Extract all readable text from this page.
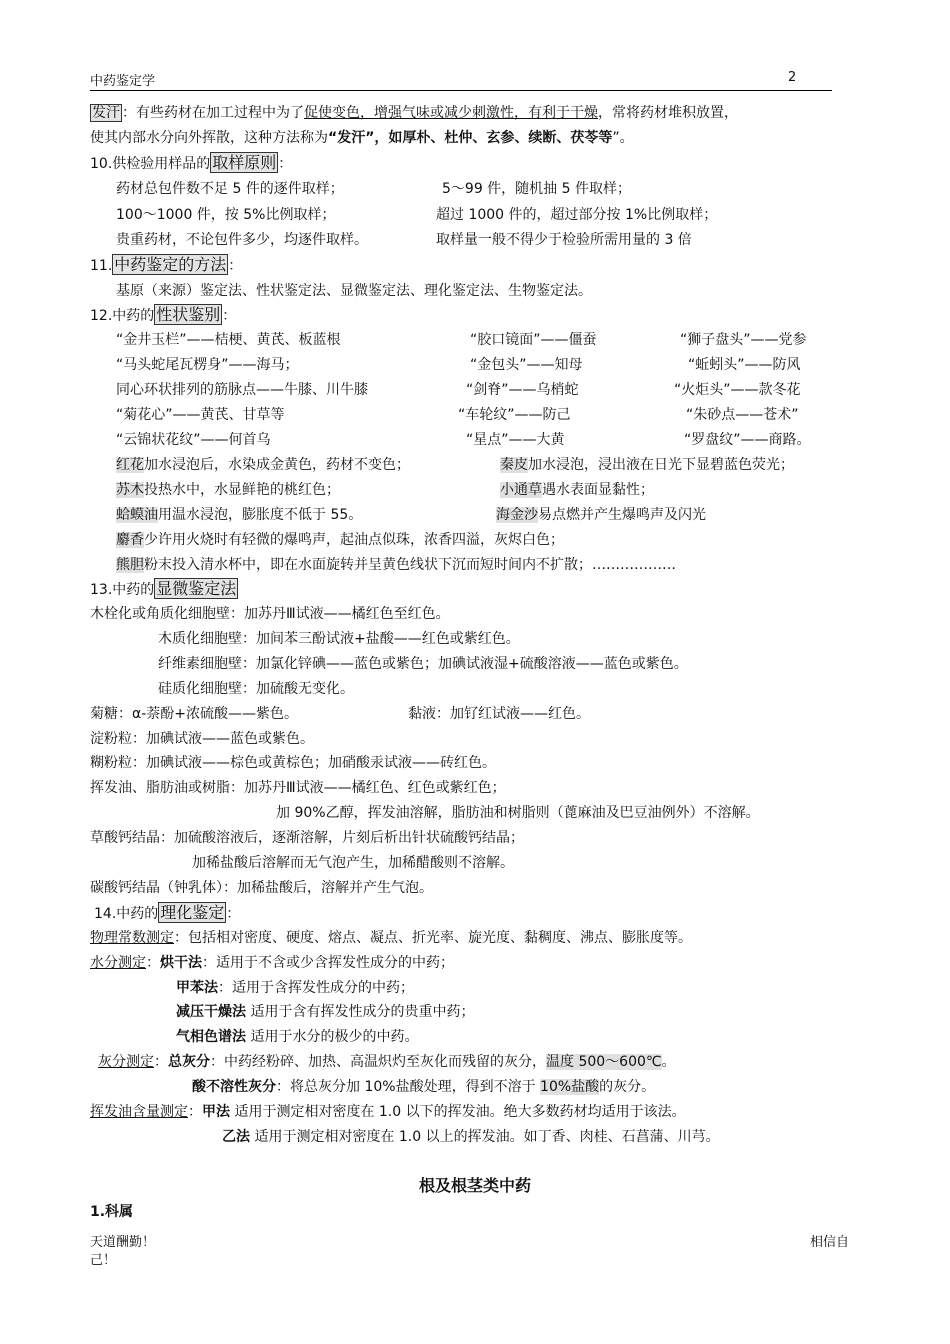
中药鉴定学	2
发汗 ：有些药材在加工过程中为了促使变色，增强气味或减少刺激性，有利于干燥，常将药材堆积放置，
使其内部水分向外挥散，这种方法称为“发汗”，如厚朴、杜仲、玄参、续断、茯苓等”。
10.供检验用样品的 取样原则 ：
药材总包件数不足 5 件的逐件取样；	5～99 件，随机抽 5 件取样；
100～1000 件，按 5%比例取样；	超过 1000 件的，超过部分按 1%比例取样；
贵重药材，不论包件多少，均逐件取样。	取样量一般不得少于检验所需用量的 3 倍
11. 中药鉴定的方法 ：
基原（来源）鉴定法、性状鉴定法、显微鉴定法、理化鉴定法、生物鉴定法。
12.中药的 性状鉴别 ：
“金井玉栏”——桔梗、黄芪、板蓝根	“胶口镜面”——僵蚕	“狮子盘头”——党参
“马头蛇尾瓦楞身”——海马；	“金包头”——知母	“蚯蚓头”——防风
同心环状排列的筋脉点——牛膝、川牛膝	“剑脊”——乌梢蛇	“火炬头”——款冬花
“菊花心”——黄芪、甘草等	“车轮纹”——防己	“朱砂点——苍术”
“云锦状花纹”——何首乌	“星点”——大黄	“罗盘纹”——商路。
红花加水浸泡后，水染成金黄色，药材不变色；	秦皮加水浸泡，浸出液在日光下显碧蓝色荧光；
苏木投热水中，水显鲜艳的桃红色；	小通草遇水表面显黏性；
蛤蟆油用温水浸泡，膨胀度不低于 55。	海金沙易点燃并产生爆鸣声及闪光
麝香少许用火烧时有轻微的爆鸣声，起油点似珠，浓香四溢，灰烬白色；
熊胆粉末投入清水杯中，即在水面旋转并呈黄色线状下沉而短时间内不扩散；………………
13.中药的 显微鉴定法
木栓化或角质化细胞壁：加苏丹Ⅲ试液——橘红色至红色。
木质化细胞壁：加间苯三酚试液+盐酸——红色或紫红色。
纤维素细胞壁：加氯化锌碘——蓝色或紫色；加碘试液湿+硫酸溶液——蓝色或紫色。
硅质化细胞壁：加硫酸无变化。
菊糖：α-萘酚+浓硫酸——紫色。	黏液：加钌红试液——红色。
淀粉粒：加碘试液——蓝色或紫色。
糊粉粒：加碘试液——棕色或黄棕色；加硝酸汞试液——砖红色。
挥发油、脂肪油或树脂：加苏丹Ⅲ试液——橘红色、红色或紫红色；
加 90%乙醇，挥发油溶解，脂肪油和树脂则（蓖麻油及巴豆油例外）不溶解。
草酸钙结晶：加硫酸溶液后，逐渐溶解，片刻后析出针状硫酸钙结晶；
加稀盐酸后溶解而无气泡产生，加稀醋酸则不溶解。
碳酸钙结晶（钟乳体）：加稀盐酸后，溶解并产生气泡。
14.中药的 理化鉴定 ：
物理常数测定：包括相对密度、硬度、熔点、凝点、折光率、旋光度、黏稠度、沸点、膨胀度等。
水分测定：烘干法：适用于不含或少含挥发性成分的中药；
甲苯法：适用于含挥发性成分的中药；
减压干燥法 适用于含有挥发性成分的贵重中药；
气相色谱法 适用于水分的极少的中药。
灰分测定：总灰分：中药经粉碎、加热、高温炽灼至灰化而残留的灰分，温度 500～600℃。
酸不溶性灰分：将总灰分加 10%盐酸处理，得到不溶于 10%盐酸的灰分。
挥发油含量测定：甲法 适用于测定相对密度在 1.0 以下的挥发油。绝大多数药材均适用于该法。
乙法 适用于测定相对密度在 1.0 以上的挥发油。如丁香、肉桂、石菖蒲、川芎。
根及根茎类中药
1.科属
天道酬勤！
己！
相信自
